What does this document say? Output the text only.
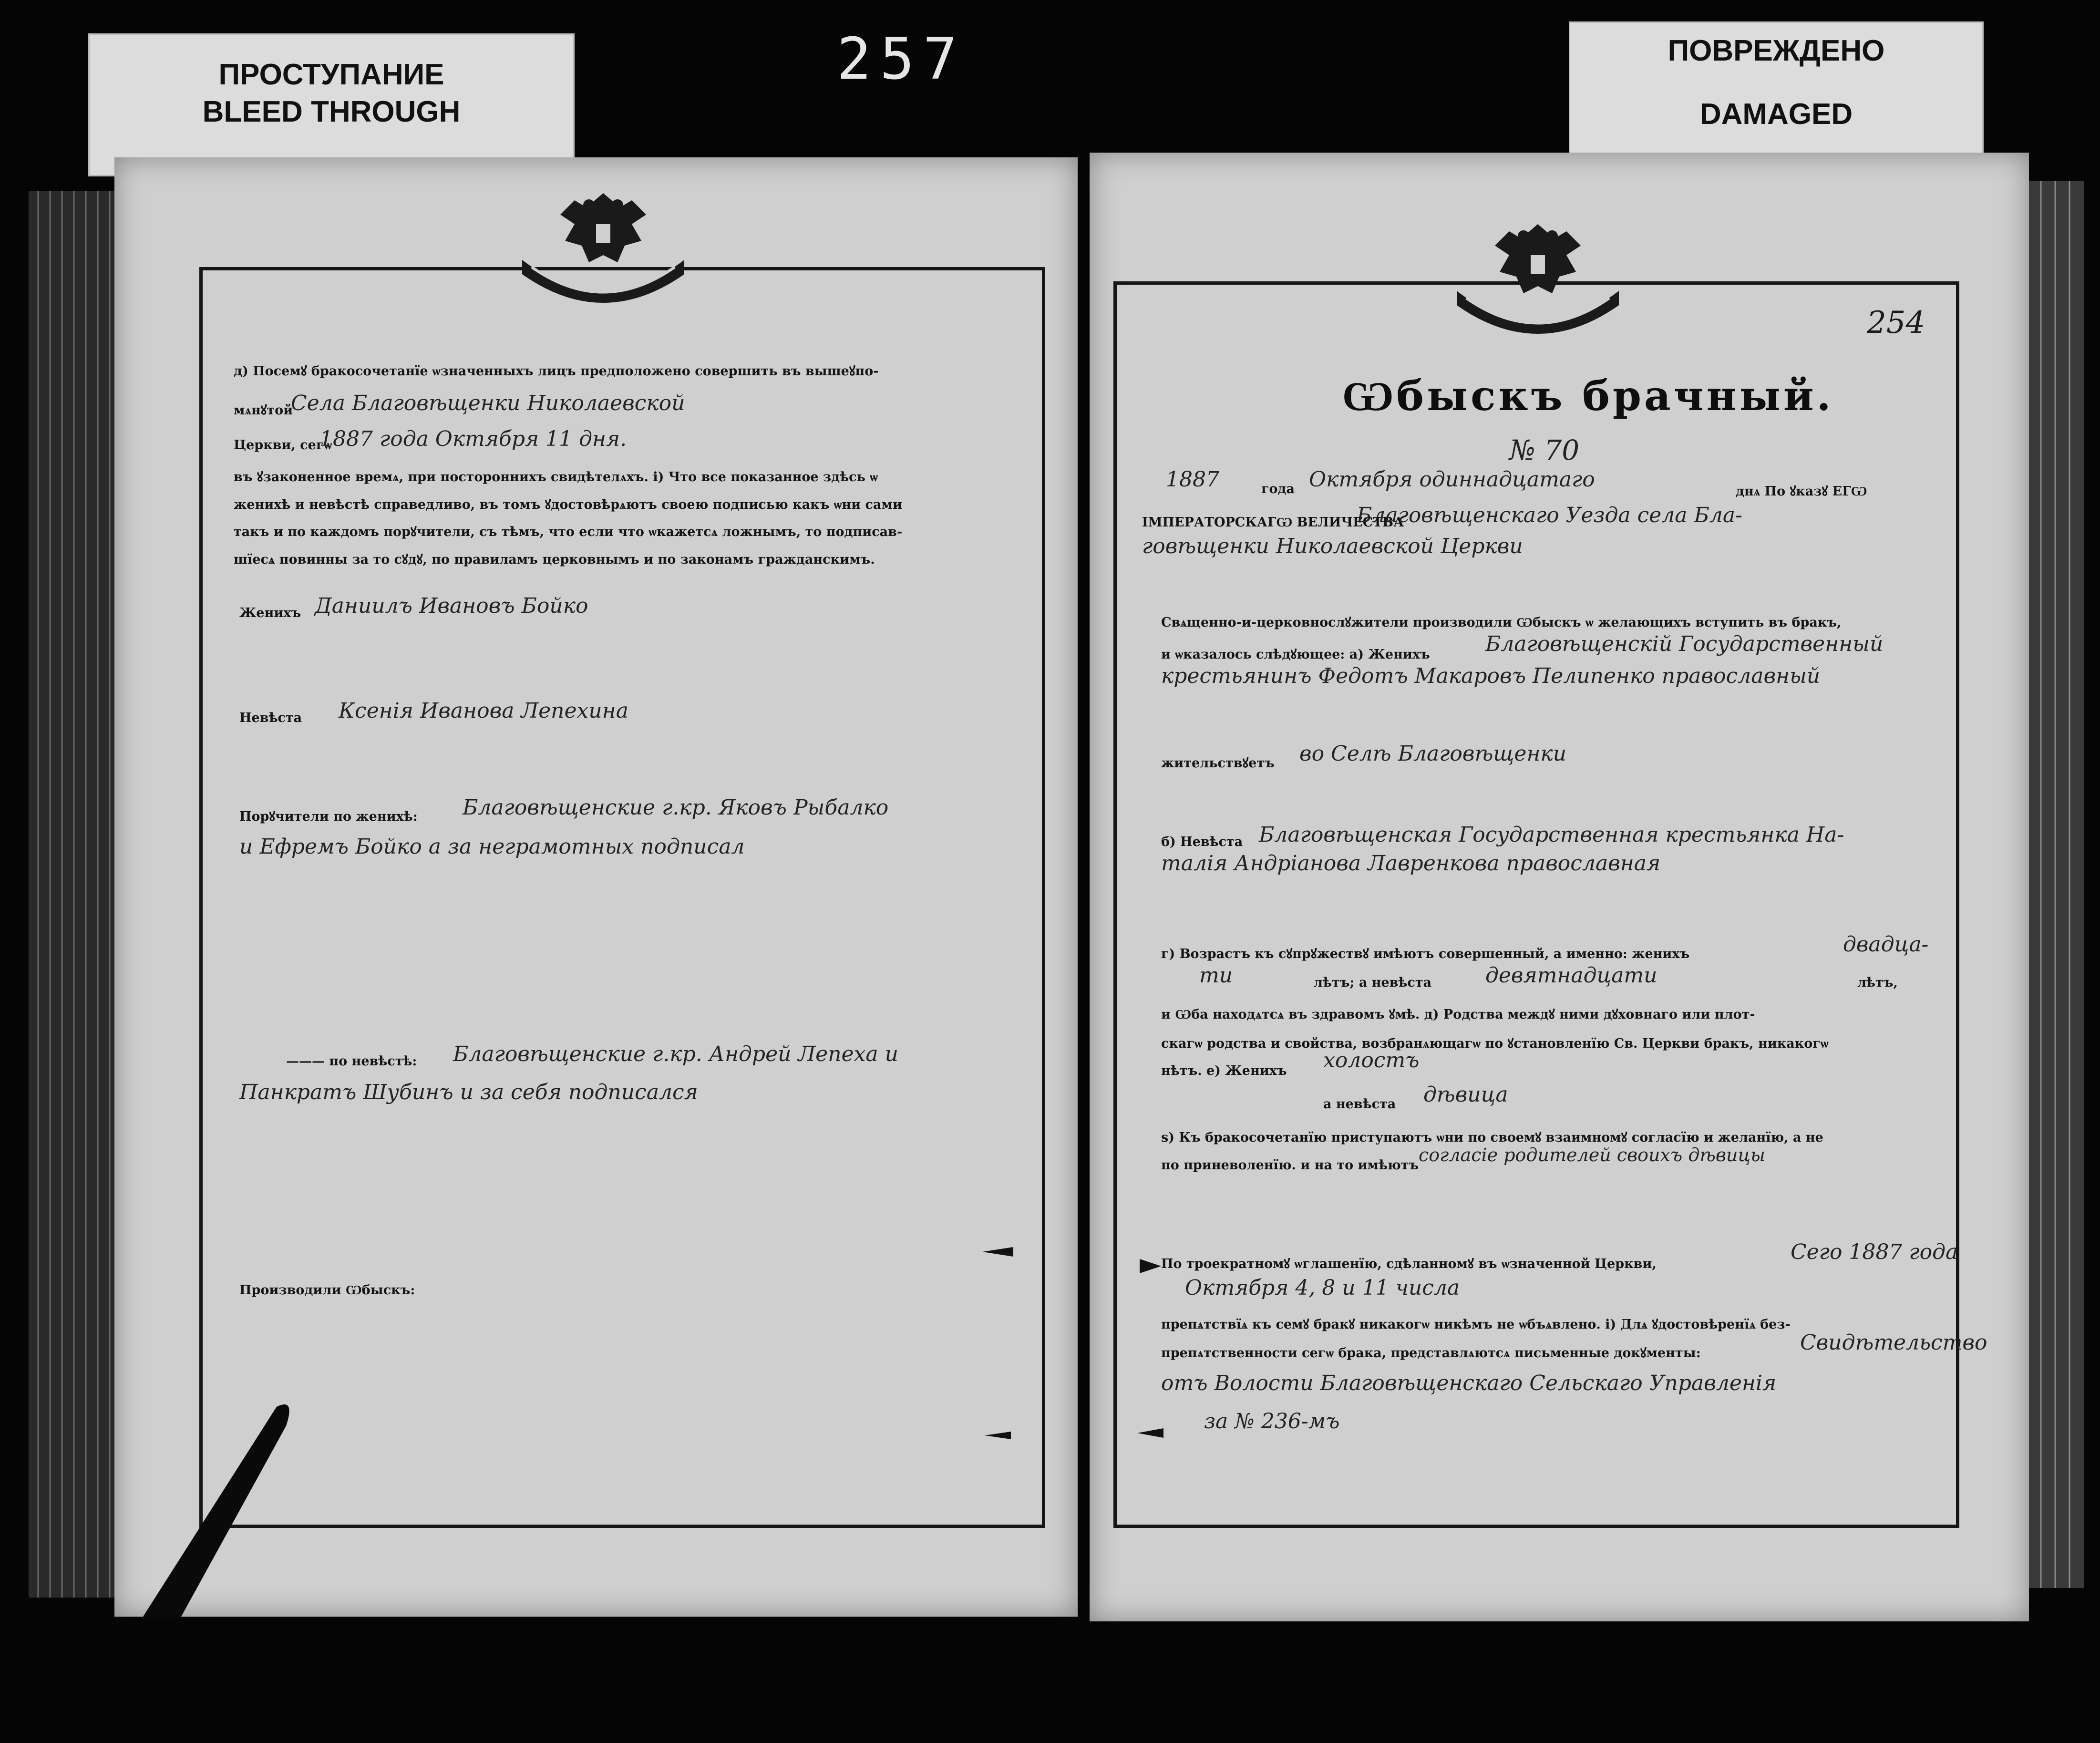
ПРОСТУПАНИЕ
BLEED THROUGH
ПОВРЕЖДЕНО
DAMAGED
257
д) Посемꙋ бракосочетанїе ѡзначенныхъ лицъ предположено совершить въ вышеꙋпо-
мѧнꙋтой
Села Благовѣщенки Николаевской
Церкви, сегѡ
1887 года Октября 11 дня.
въ ꙋзаконенное времѧ, при постороннихъ свидѣтелѧхъ. і) Что все показанное здѣсь ѡ
женихѣ и невѣстѣ справедливо, въ томъ ꙋдостовѣрѧютъ своею подписью какъ ѡни сами
такъ и по каждомъ порꙋчители, съ тѣмъ, что если что ѡкажетсѧ ложнымъ, то подписав-
шїесѧ повинны за то сꙋдꙋ, по правиламъ церковнымъ и по законамъ гражданскимъ.
Женихъ Даниилъ Ивановъ Бойко
Невѣста Ксенiя Иванова Лепехина
Порꙋчители по женихѣ: Благовѣщенские г.кр. Яковъ Рыбалко
и Ефремъ Бойко а за неграмотных подписал
——— по невѣстѣ: Благовѣщенские г.кр. Андрей Лепеха и
Панкратъ Шубинъ и за себя подписался
Производили Ѡбыскъ:
254
Ѡбыскъ брачный.
№ 70
1887	года Октября одиннадцатаго	днѧ По ꙋказꙋ ЕГѠ
ІМПЕРАТОРСКАГѠ ВЕЛИЧЕСТВА
Благовѣщенскаго Уезда села Бла-
говѣщенки Николаевской Церкви
Свѧщенно-и-церковнослꙋжители производили Ѡбыскъ ѡ желающихъ вступить въ бракъ,
и ѡказалось слѣдꙋющее: а) Женихъ	Благовѣщенскiй Государственный
крестьянинъ Федотъ Макаровъ Пелипенко православный
жительствꙋетъ во Селѣ Благовѣщенки
б) Невѣста Благовѣщенская Государственная крестьянка На-
талiя Андрiанова Лавренкова православная
г) Возрастъ къ сꙋпрꙋжествꙋ имѣютъ совершенный, а именно: женихъ	двадца-
ти	лѣтъ; а невѣста	девятнадцати	лѣтъ,
и Ѡба находѧтсѧ въ здравомъ ꙋмѣ. д) Родства междꙋ ними дꙋховнаго или плот-
скагѡ родства и свойства, возбранѧющагѡ по ꙋстановленїю Св. Церкви бракъ, никакогѡ
нѣтъ. е) Женихъ холостъ
а невѣста дѣвица
ѕ) Къ бракосочетанїю приступаютъ ѡни по своемꙋ взаимномꙋ согласїю и желанїю, а не
по приневоленїю. и на то имѣютъ согласiе родителей своихъ дѣвицы
По троекратномꙋ ѡглашенїю, сдѣланномꙋ въ ѡзначенной Церкви,	Сего 1887 года
Октября 4, 8 и 11 числа
препѧтствїѧ къ семꙋ бракꙋ никакогѡ никѣмъ не ѡбъѧвлено. і) Длѧ ꙋдостовѣренїѧ без-
препѧтственности сегѡ брака, представлѧютсѧ письменные докꙋменты:	Свидѣтельство
отъ Волости Благовѣщенскаго Сельскаго Управленiя
за № 236-мъ
